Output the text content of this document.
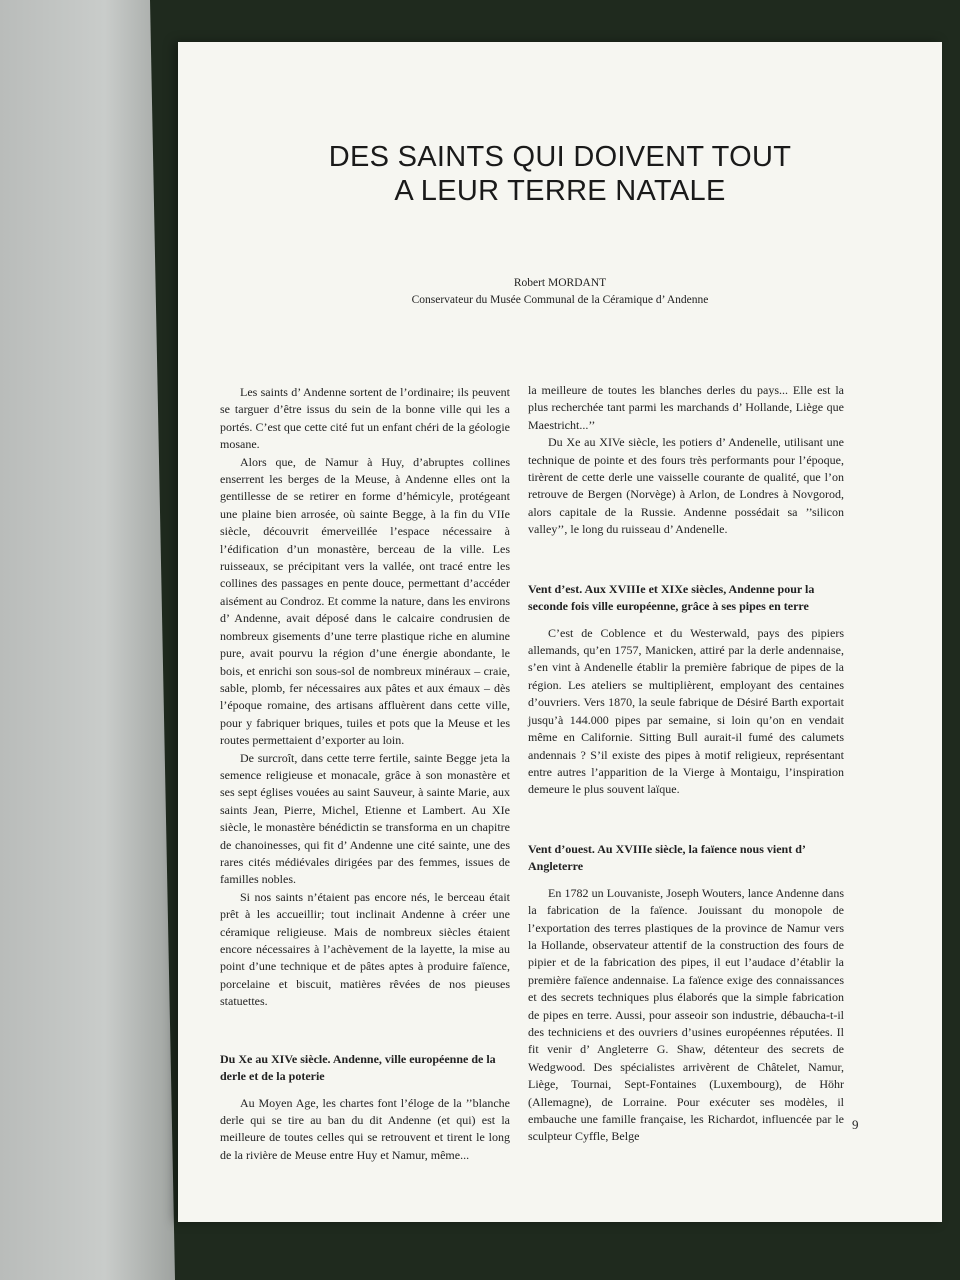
DES SAINTS QUI DOIVENT TOUT
A LEUR TERRE NATALE
Robert MORDANT
Conservateur du Musée Communal de la Céramique d’ Andenne

Les saints d’ Andenne sortent de l’ordinaire; ils peuvent se targuer d’être issus du sein de la bonne ville qui les a portés. C’est que cette cité fut un enfant chéri de la géologie mosane.

Alors que, de Namur à Huy, d’abruptes collines enserrent les berges de la Meuse, à Andenne elles ont la gentillesse de se retirer en forme d’hémicyle, protégeant une plaine bien arrosée, où sainte Begge, à la fin du VIIe siècle, découvrit émerveillée l’espace nécessaire à l’édification d’un monastère, berceau de la ville. Les ruisseaux, se précipitant vers la vallée, ont tracé entre les collines des passages en pente douce, permettant d’accéder aisément au Condroz. Et comme la nature, dans les environs d’ Andenne, avait déposé dans le calcaire condrusien de nombreux gisements d’une terre plastique riche en alumine pure, avait pourvu la région d’une énergie abondante, le bois, et enrichi son sous-sol de nombreux minéraux – craie, sable, plomb, fer nécessaires aux pâtes et aux émaux – dès l’époque romaine, des artisans affluèrent dans cette ville, pour y fabriquer briques, tuiles et pots que la Meuse et les routes permettaient d’exporter au loin.

De surcroît, dans cette terre fertile, sainte Begge jeta la semence religieuse et monacale, grâce à son monastère et ses sept églises vouées au saint Sauveur, à sainte Marie, aux saints Jean, Pierre, Michel, Etienne et Lambert. Au XIe siècle, le monastère bénédictin se transforma en un chapitre de chanoinesses, qui fit d’ Andenne une cité sainte, une des rares cités médiévales dirigées par des femmes, issues de familles nobles.

Si nos saints n’étaient pas encore nés, le berceau était prêt à les accueillir; tout inclinait Andenne à créer une céramique religieuse. Mais de nombreux siècles étaient encore nécessaires à l’achèvement de la layette, la mise au point d’une technique et de pâtes aptes à produire faïence, porcelaine et biscuit, matières rêvées de nos pieuses statuettes.

Du Xe au XIVe siècle. Andenne, ville européenne de la derle et de la poterie

Au Moyen Age, les chartes font l’éloge de la ’’blanche derle qui se tire au ban du dit Andenne (et qui) est la meilleure de toutes celles qui se retrouvent et tirent le long de la rivière de Meuse entre Huy et Namur, même...

la meilleure de toutes les blanches derles du pays... Elle est la plus recherchée tant parmi les marchands d’ Hollande, Liège que Maestricht...’’

Du Xe au XIVe siècle, les potiers d’ Andenelle, utilisant une technique de pointe et des fours très performants pour l’époque, tirèrent de cette derle une vaisselle courante de qualité, que l’on retrouve de Bergen (Norvège) à Arlon, de Londres à Novgorod, alors capitale de la Russie. Andenne possédait sa ’’silicon valley’’, le long du ruisseau d’ Andenelle.

Vent d’est. Aux XVIIIe et XIXe siècles, Andenne pour la seconde fois ville européenne, grâce à ses pipes en terre

C’est de Coblence et du Westerwald, pays des pipiers allemands, qu’en 1757, Manicken, attiré par la derle andennaise, s’en vint à Andenelle établir la première fabrique de pipes de la région. Les ateliers se multiplièrent, employant des centaines d’ouvriers. Vers 1870, la seule fabrique de Désiré Barth exportait jusqu’à 144.000 pipes par semaine, si loin qu’on en vendait même en Californie. Sitting Bull aurait-il fumé des calumets andennais ? S’il existe des pipes à motif religieux, représentant entre autres l’apparition de la Vierge à Montaigu, l’inspiration demeure le plus souvent laïque.

Vent d’ouest. Au XVIIIe siècle, la faïence nous vient d’ Angleterre

En 1782 un Louvaniste, Joseph Wouters, lance Andenne dans la fabrication de la faïence. Jouissant du monopole de l’exportation des terres plastiques de la province de Namur vers la Hollande, observateur attentif de la construction des fours de pipier et de la fabrication des pipes, il eut l’audace d’établir la première faïence andennaise. La faïence exige des connaissances et des secrets techniques plus élaborés que la simple fabrication de pipes en terre. Aussi, pour asseoir son industrie, débaucha-t-il des techniciens et des ouvriers d’usines européennes réputées. Il fit venir d’ Angleterre G. Shaw, détenteur des secrets de Wedgwood. Des spécialistes arrivèrent de Châtelet, Namur, Liège, Tournai, Sept-Fontaines (Luxembourg), de Höhr (Allemagne), de Lorraine. Pour exécuter ses modèles, il embauche une famille française, les Richardot, influencée par le sculpteur Cyffle, Belge

9
